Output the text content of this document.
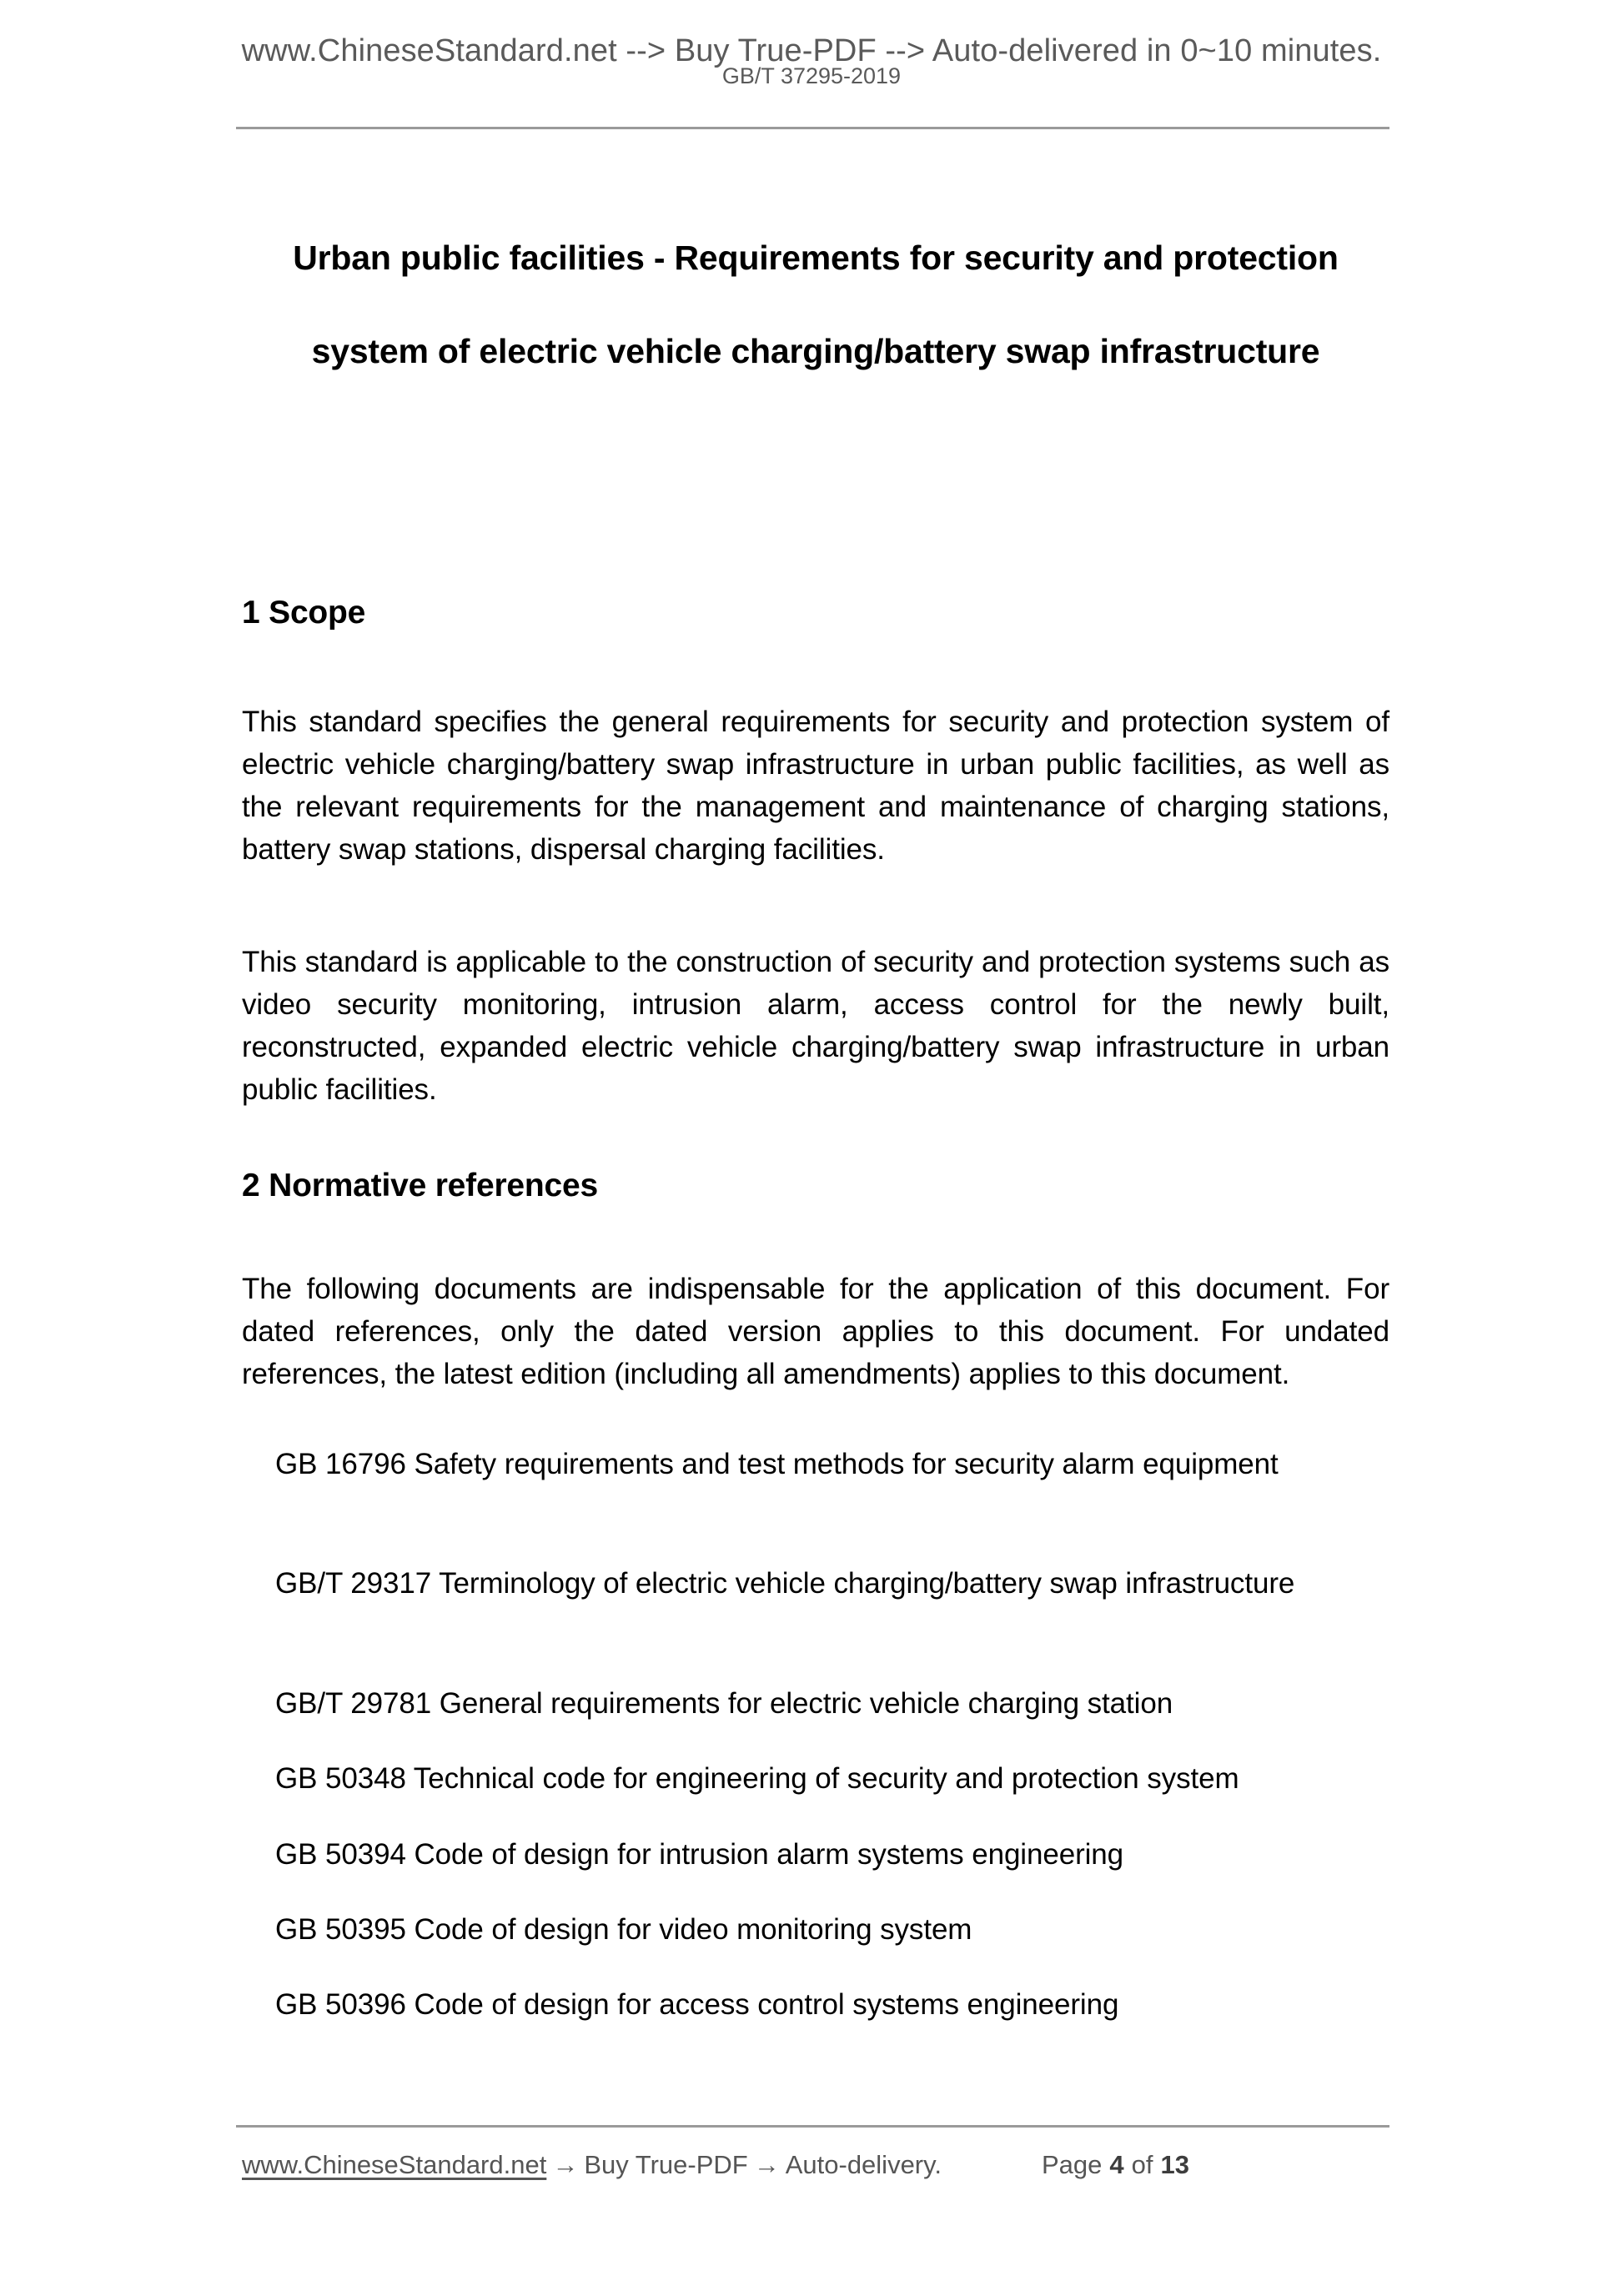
www.ChineseStandard.net --> Buy True-PDF --> Auto-delivered in 0~10 minutes.
GB/T 37295-2019
Urban public facilities - Requirements for security and protection system of electric vehicle charging/battery swap infrastructure
1 Scope

This standard specifies the general requirements for security and protection system of electric vehicle charging/battery swap infrastructure in urban public facilities, as well as the relevant requirements for the management and maintenance of charging stations, battery swap stations, dispersal charging facilities.

This standard is applicable to the construction of security and protection systems such as video security monitoring, intrusion alarm, access control for the newly built, reconstructed, expanded electric vehicle charging/battery swap infrastructure in urban public facilities.

2 Normative references

The following documents are indispensable for the application of this document. For dated references, only the dated version applies to this document. For undated references, the latest edition (including all amendments) applies to this document.

GB 16796 Safety requirements and test methods for security alarm equipment
GB/T 29317 Terminology of electric vehicle charging/battery swap infrastructure
GB/T 29781 General requirements for electric vehicle charging station
GB 50348 Technical code for engineering of security and protection system
GB 50394 Code of design for intrusion alarm systems engineering
GB 50395 Code of design for video monitoring system
GB 50396 Code of design for access control systems engineering
www.ChineseStandard.net → Buy True-PDF → Auto-delivery.	Page 4 of 13
